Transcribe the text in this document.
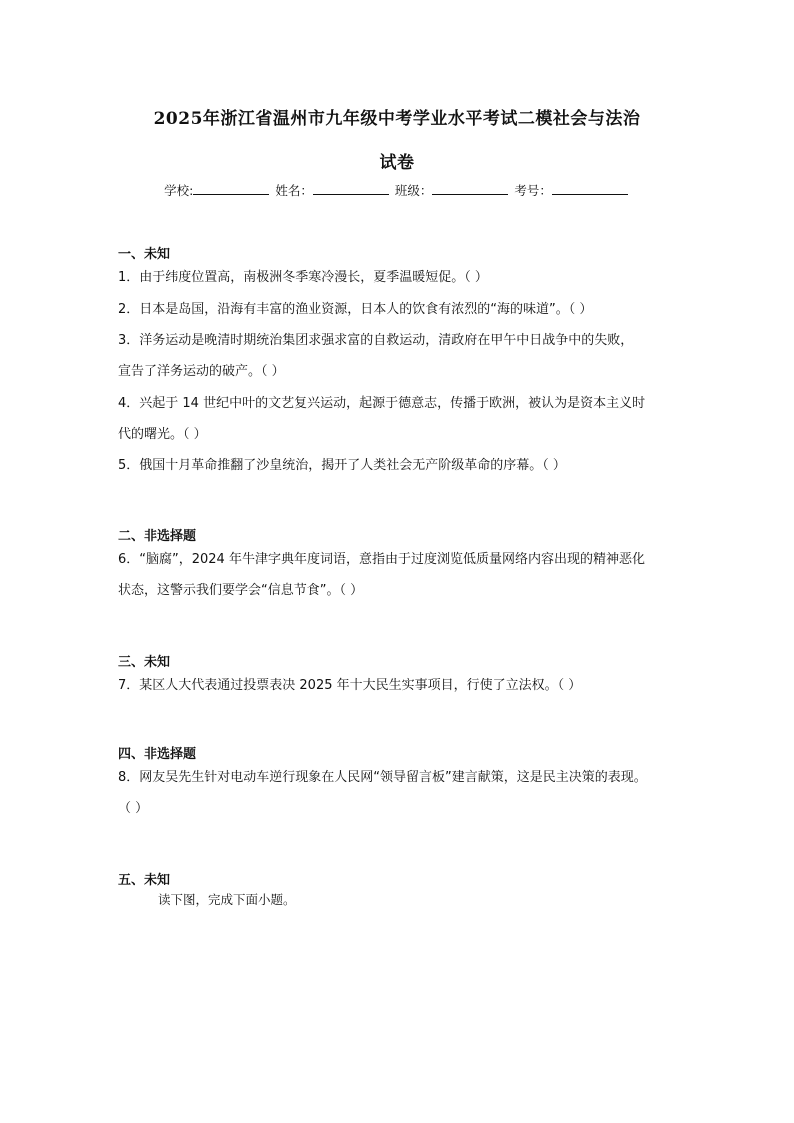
2025年浙江省温州市九年级中考学业水平考试二模社会与法治
试卷
学校:	姓名：	班级：	考号：
一、未知
1．由于纬度位置高，南极洲冬季寒冷漫长，夏季温暖短促。（ ）
2．日本是岛国，沿海有丰富的渔业资源，日本人的饮食有浓烈的“海的味道”。（ ）
3．洋务运动是晚清时期统治集团求强求富的自救运动，清政府在甲午中日战争中的失败，
宣告了洋务运动的破产。（ ）
4．兴起于 14 世纪中叶的文艺复兴运动，起源于德意志，传播于欧洲，被认为是资本主义时
代的曙光。（ ）
5．俄国十月革命推翻了沙皇统治，揭开了人类社会无产阶级革命的序幕。（ ）
二、非选择题
6．“脑腐”，2024 年牛津字典年度词语，意指由于过度浏览低质量网络内容出现的精神恶化
状态，这警示我们要学会“信息节食”。（ ）
三、未知
7．某区人大代表通过投票表决 2025 年十大民生实事项目，行使了立法权。（ ）
四、非选择题
8．网友吴先生针对电动车逆行现象在人民网“领导留言板”建言献策，这是民主决策的表现。
（ ）
五、未知
读下图，完成下面小题。
